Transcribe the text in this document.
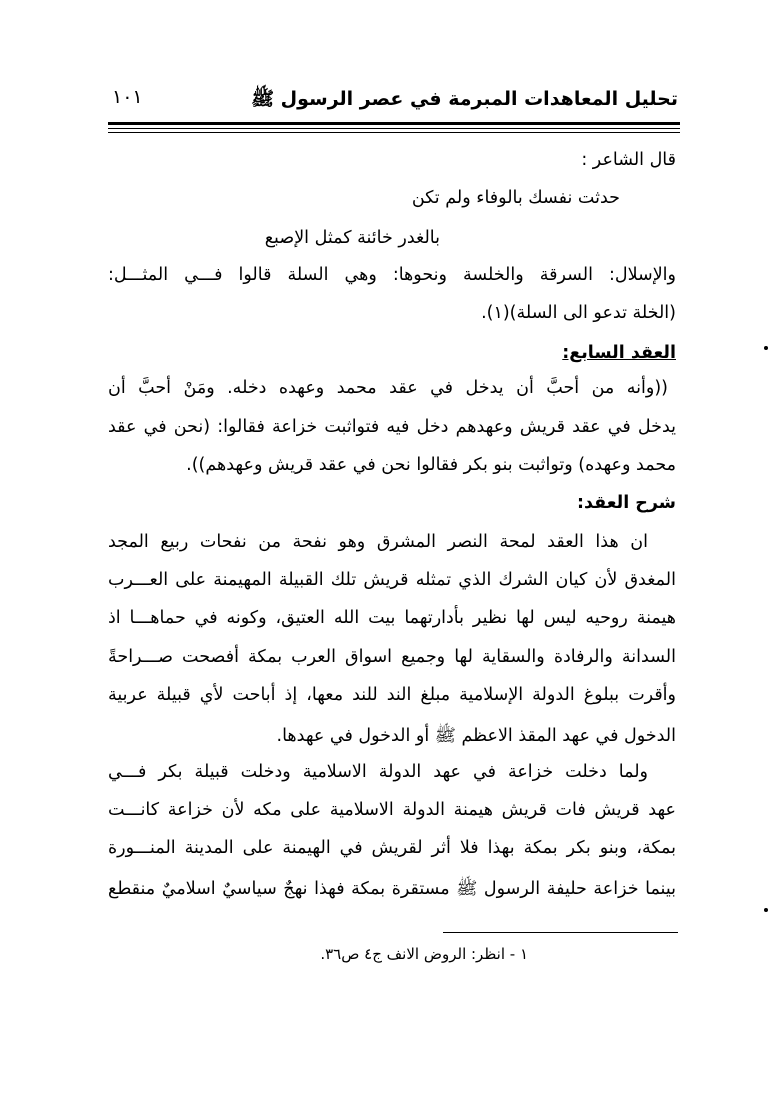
تحليل المعاهدات المبرمة في عصر الرسول ﷺ
١٠١
قال الشاعر :
حدثت نفسك بالوفاء ولم تكن
بالغدر خائنة كمثل الإصبع
والإسلال: السرقة والخلسة ونحوها: وهي السلة قالوا فـــي المثـــل:
(الخلة تدعو الى السلة)(١).
العقد السابع:
((وأنه من أحبَّ أن يدخل في عقد محمد وعهده دخله. ومَنْ أحبَّ أن
يدخل في عقد قريش وعهدهم دخل فيه فتواثبت خزاعة فقالوا: (نحن في عقد
محمد وعهده) وتواثبت بنو بكر فقالوا نحن في عقد قريش وعهدهم)).
شرح العقد:
ان هذا العقد لمحة النصر المشرق وهو نفحة من نفحات ربيع المجد
المغدق لأن كيان الشرك الذي تمثله قريش تلك القبيلة المهيمنة على العـــرب
هيمنة روحيه ليس لها نظير بأدارتهما بيت الله العتيق، وكونه في حماهـــا اذ
السدانة والرفادة والسقاية لها وجميع اسواق العرب بمكة أفصحت صـــراحةً
وأقرت ببلوغ الدولة الإسلامية مبلغ الند للند معها، إذ أباحت لأي قبيلة عربية
الدخول في عهد المقذ الاعظم ﷺ أو الدخول في عهدها.
ولما دخلت خزاعة في عهد الدولة الاسلامية ودخلت قبيلة بكر فـــي
عهد قريش فات قريش هيمنة الدولة الاسلامية على مكه لأن خزاعة كانـــت
بمكة، وبنو بكر بمكة بهذا فلا أثر لقريش في الهيمنة على المدينة المنـــورة
بينما خزاعة حليفة الرسول ﷺ مستقرة بمكة فهذا نهجٌ سياسيٌ اسلاميٌ منقطع
١ - انظر: الروض الانف ج٤ ص٣٦.
